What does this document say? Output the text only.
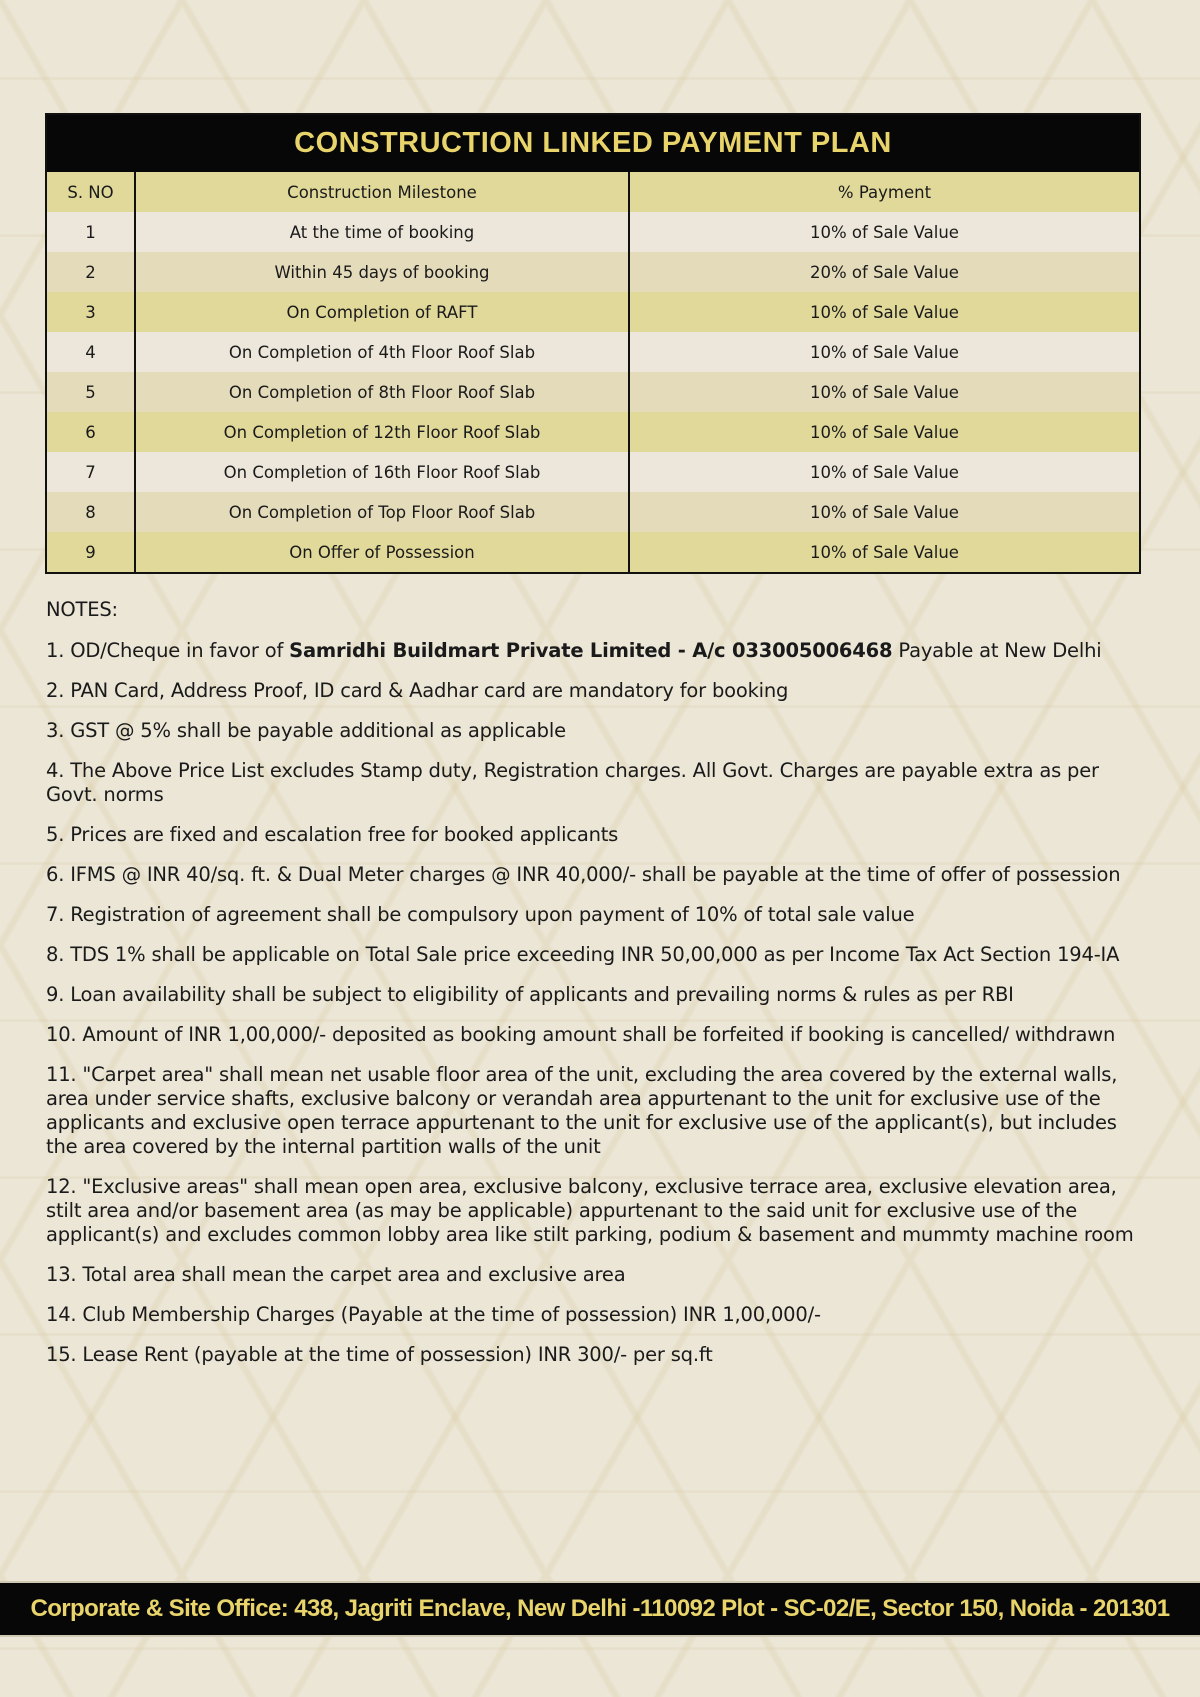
CONSTRUCTION LINKED PAYMENT PLAN
S. NO	Construction Milestone	% Payment
1	At the time of booking	10% of Sale Value
2	Within 45 days of booking	20% of Sale Value
3	On Completion of RAFT	10% of Sale Value
4	On Completion of 4th Floor Roof Slab	10% of Sale Value
5	On Completion of 8th Floor Roof Slab	10% of Sale Value
6	On Completion of 12th Floor Roof Slab	10% of Sale Value
7	On Completion of 16th Floor Roof Slab	10% of Sale Value
8	On Completion of Top Floor Roof Slab	10% of Sale Value
9	On Offer of Possession	10% of Sale Value
NOTES:
1. OD/Cheque in favor of Samridhi Buildmart Private Limited - A/c 033005006468 Payable at New Delhi
2. PAN Card, Address Proof, ID card & Aadhar card are mandatory for booking
3. GST @ 5% shall be payable additional as applicable
4. The Above Price List excludes Stamp duty, Registration charges. All Govt. Charges are payable extra as per Govt. norms
5. Prices are fixed and escalation free for booked applicants
6. IFMS @ INR 40/sq. ft. & Dual Meter charges @ INR 40,000/- shall be payable at the time of offer of possession
7. Registration of agreement shall be compulsory upon payment of 10% of total sale value
8. TDS 1% shall be applicable on Total Sale price exceeding INR 50,00,000 as per Income Tax Act Section 194-IA
9. Loan availability shall be subject to eligibility of applicants and prevailing norms & rules as per RBI
10. Amount of INR 1,00,000/- deposited as booking amount shall be forfeited if booking is cancelled/ withdrawn
11. "Carpet area" shall mean net usable floor area of the unit, excluding the area covered by the external walls, area under service shafts, exclusive balcony or verandah area appurtenant to the unit for exclusive use of the applicants and exclusive open terrace appurtenant to the unit for exclusive use of the applicant(s), but includes the area covered by the internal partition walls of the unit
12. "Exclusive areas" shall mean open area, exclusive balcony, exclusive terrace area, exclusive elevation area, stilt area and/or basement area (as may be applicable) appurtenant to the said unit for exclusive use of the applicant(s) and excludes common lobby area like stilt parking, podium & basement and mummty machine room
13. Total area shall mean the carpet area and exclusive area
14. Club Membership Charges (Payable at the time of possession) INR 1,00,000/-
15. Lease Rent (payable at the time of possession) INR 300/- per sq.ft
Corporate & Site Office: 438, Jagriti Enclave, New Delhi -110092 Plot - SC-02/E, Sector 150, Noida - 201301
